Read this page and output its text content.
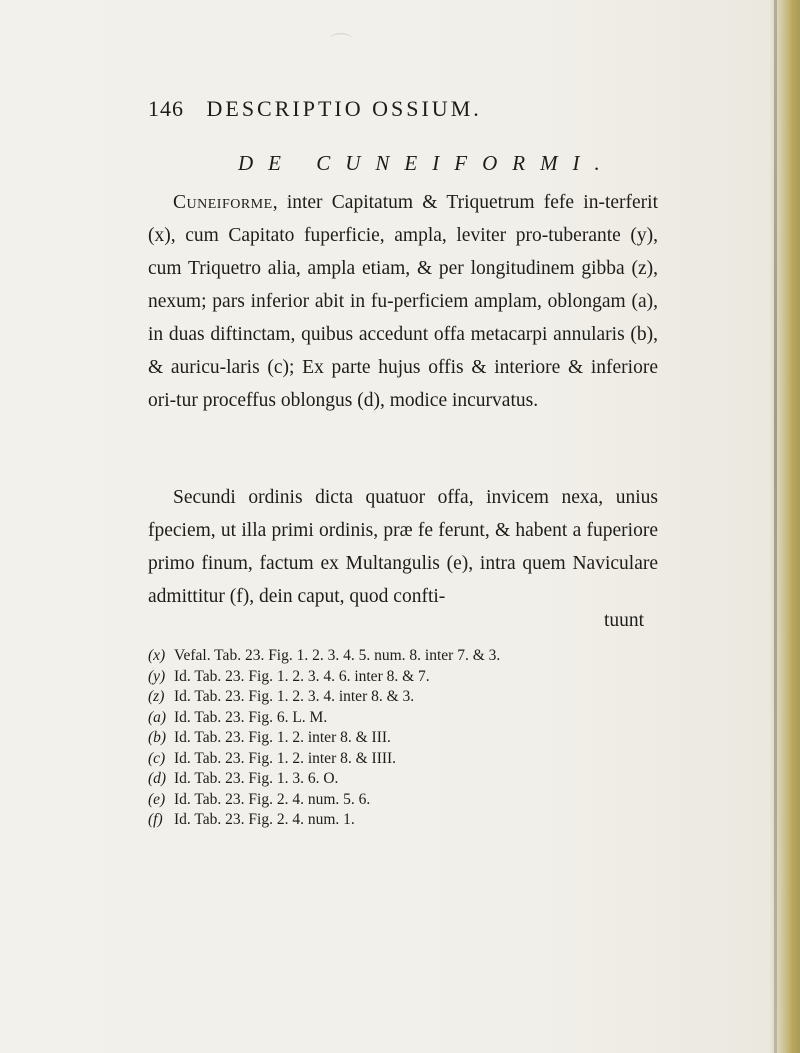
⌒
146 DESCRIPTIO OSSIUM.
DE CUNEIFORMI.

Cuneiforme, inter Capitatum & Triquetrum fefe in-terferit (x), cum Capitato fuperficie, ampla, leviter pro-tuberante (y), cum Triquetro alia, ampla etiam, & per longitudinem gibba (z), nexum; pars inferior abit in fu-perficiem amplam, oblongam (a), in duas diftinctam, quibus accedunt offa metacarpi annularis (b), & auricu-laris (c); Ex parte hujus offis & interiore & inferiore ori-tur proceffus oblongus (d), modice incurvatus.

Secundi ordinis dicta quatuor offa, invicem nexa, unius fpeciem, ut illa primi ordinis, præ fe ferunt, & habent a fuperiore primo finum, factum ex Multangulis (e), intra quem Naviculare admittitur (f), dein caput, quod confti-

tuunt
(x) Vefal. Tab. 23. Fig. 1. 2. 3. 4. 5. num. 8. inter 7. & 3.
(y) Id. Tab. 23. Fig. 1. 2. 3. 4. 6. inter 8. & 7.
(z) Id. Tab. 23. Fig. 1. 2. 3. 4. inter 8. & 3.
(a) Id. Tab. 23. Fig. 6. L. M.
(b) Id. Tab. 23. Fig. 1. 2. inter 8. & III.
(c) Id. Tab. 23. Fig. 1. 2. inter 8. & IIII.
(d) Id. Tab. 23. Fig. 1. 3. 6. O.
(e) Id. Tab. 23. Fig. 2. 4. num. 5. 6.
(f) Id. Tab. 23. Fig. 2. 4. num. 1.
